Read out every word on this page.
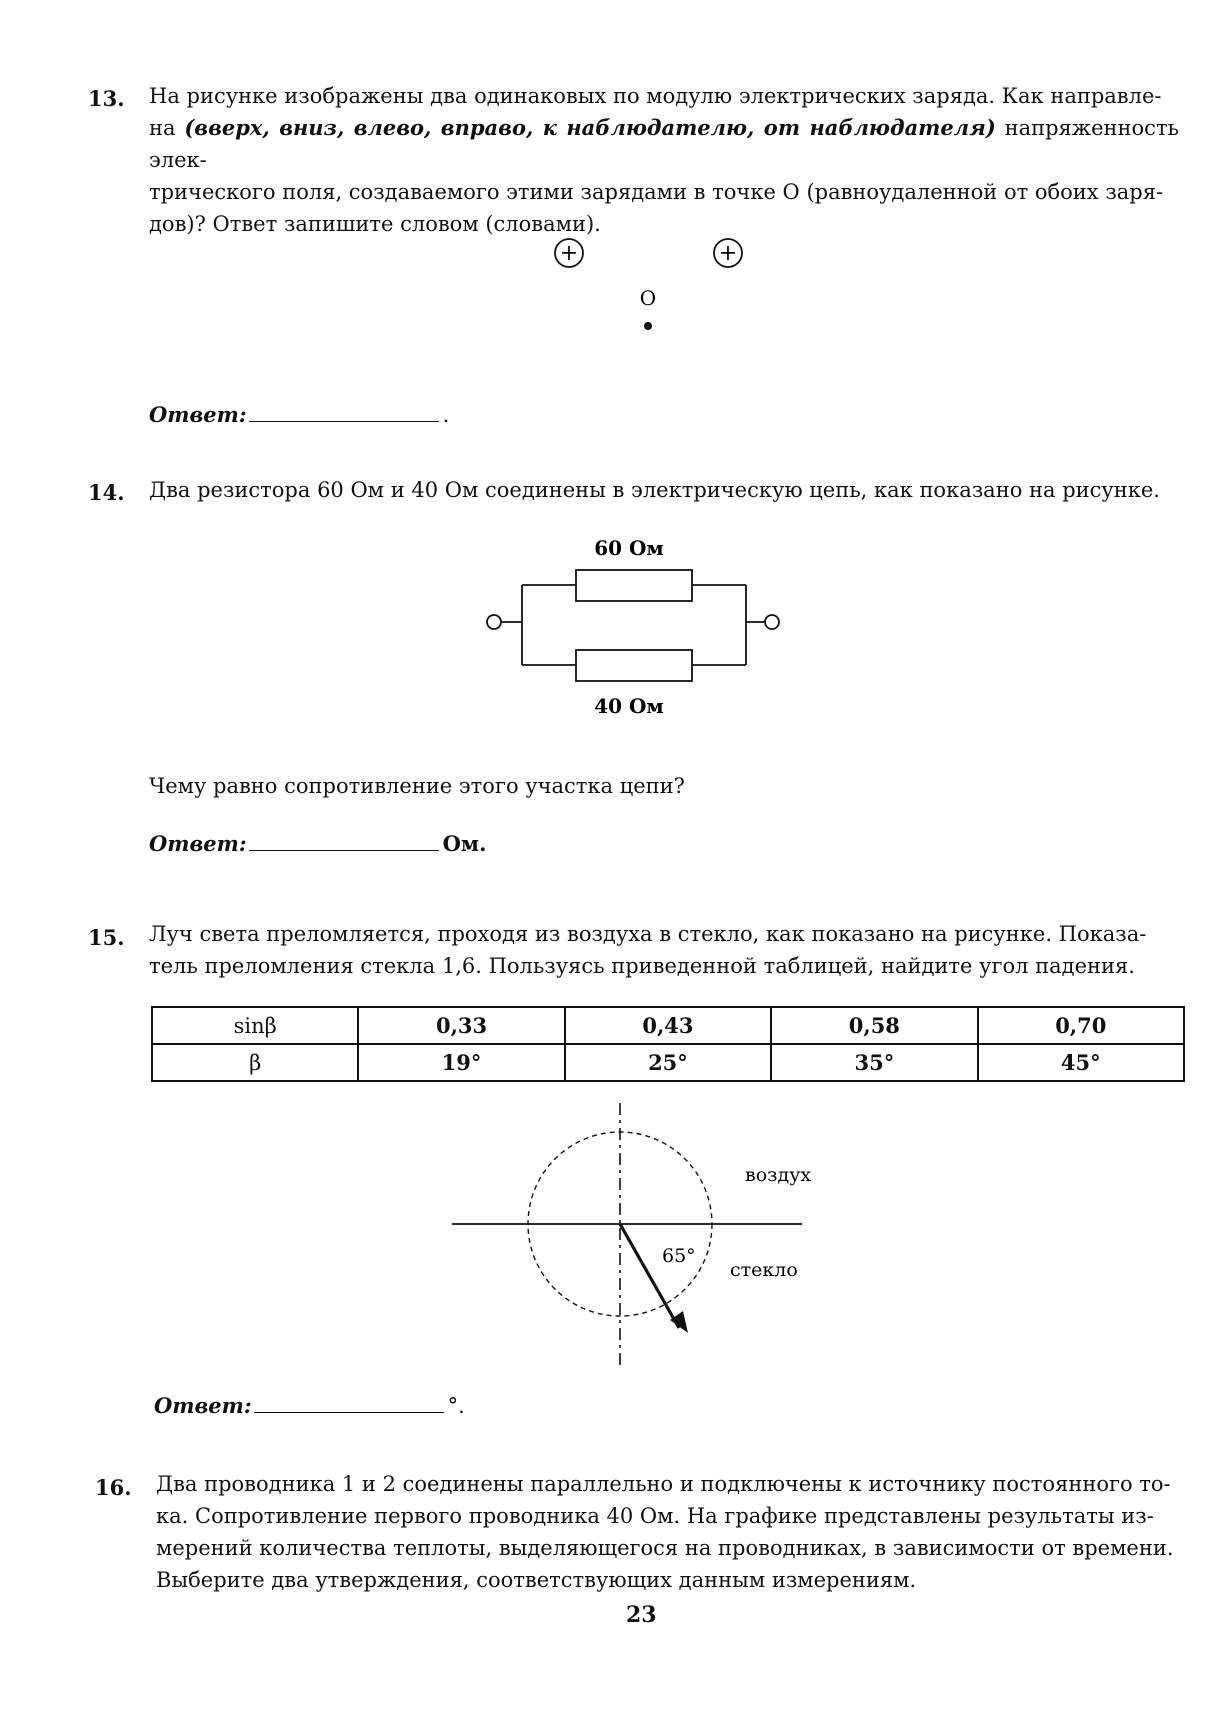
13. На рисунке изображены два одинаковых по модулю электрических заряда. Как направле-
на (вверх, вниз, влево, вправо, к наблюдателю, от наблюдателя) напряженность элек-
трического поля, создаваемого этими зарядами в точке О (равноудаленной от обоих заря-
дов)? Ответ запишите словом (словами).
+	+
О
Ответ:	.
14. Два резистора 60 Ом и 40 Ом соединены в электрическую цепь, как показано на рисунке.
60 Ом
40 Ом
Чему равно сопротивление этого участка цепи?
Ответ:	Ом.
15. Луч света преломляется, проходя из воздуха в стекло, как показано на рисунке. Показа-
тель преломления стекла 1,6. Пользуясь приведенной таблицей, найдите угол падения.
sinβ	0,33	0,43	0,58	0,70
β	19°	25°	35°	45°
воздух
стекло
65°
Ответ:	°.
16. Два проводника 1 и 2 соединены параллельно и подключены к источнику постоянного то-
ка. Сопротивление первого проводника 40 Ом. На графике представлены результаты из-
мерений количества теплоты, выделяющегося на проводниках, в зависимости от времени.
Выберите два утверждения, соответствующих данным измерениям.
23
